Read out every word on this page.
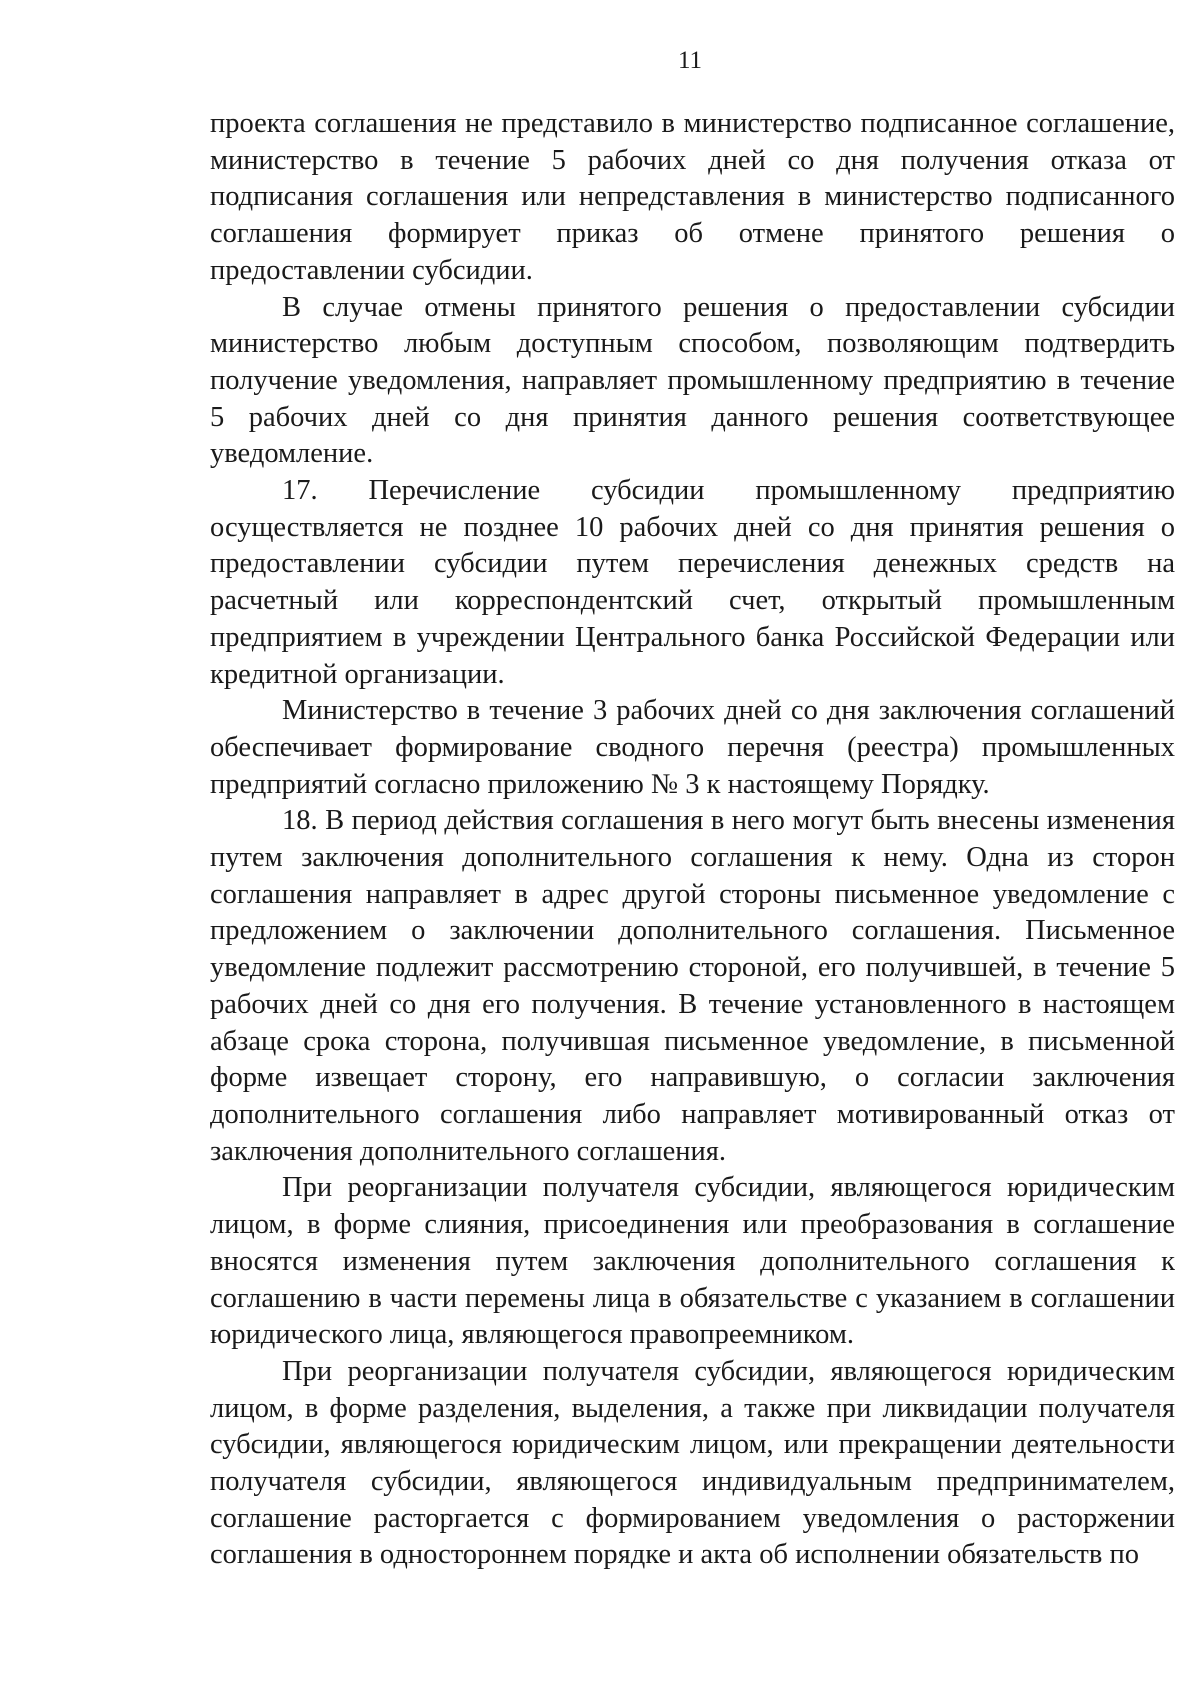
11

проекта соглашения не представило в министерство подписанное соглашение, министерство в течение 5 рабочих дней со дня получения отказа от подписания соглашения или непредставления в министерство подписанного соглашения формирует приказ об отмене принятого решения о предоставлении субсидии.

В случае отмены принятого решения о предоставлении субсидии министерство любым доступным способом, позволяющим подтвердить получение уведомления, направляет промышленному предприятию в течение 5 рабочих дней со дня принятия данного решения соответствующее уведомление.

17. Перечисление субсидии промышленному предприятию осуществляется не позднее 10 рабочих дней со дня принятия решения о предоставлении субсидии путем перечисления денежных средств на расчетный или корреспондентский счет, открытый промышленным предприятием в учреждении Центрального банка Российской Федерации или кредитной организации.

Министерство в течение 3 рабочих дней со дня заключения соглашений обеспечивает формирование сводного перечня (реестра) промышленных предприятий согласно приложению № 3 к настоящему Порядку.

18. В период действия соглашения в него могут быть внесены изменения путем заключения дополнительного соглашения к нему. Одна из сторон соглашения направляет в адрес другой стороны письменное уведомление с предложением о заключении дополнительного соглашения. Письменное уведомление подлежит рассмотрению стороной, его получившей, в течение 5 рабочих дней со дня его получения. В течение установленного в настоящем абзаце срока сторона, получившая письменное уведомление, в письменной форме извещает сторону, его направившую, о согласии заключения дополнительного соглашения либо направляет мотивированный отказ от заключения дополнительного соглашения.

При реорганизации получателя субсидии, являющегося юридическим лицом, в форме слияния, присоединения или преобразования в соглашение вносятся изменения путем заключения дополнительного соглашения к соглашению в части перемены лица в обязательстве с указанием в соглашении юридического лица, являющегося правопреемником.

При реорганизации получателя субсидии, являющегося юридическим лицом, в форме разделения, выделения, а также при ликвидации получателя субсидии, являющегося юридическим лицом, или прекращении деятельности получателя субсидии, являющегося индивидуальным предпринимателем, соглашение расторгается с формированием уведомления о расторжении соглашения в одностороннем порядке и акта об исполнении обязательств по
